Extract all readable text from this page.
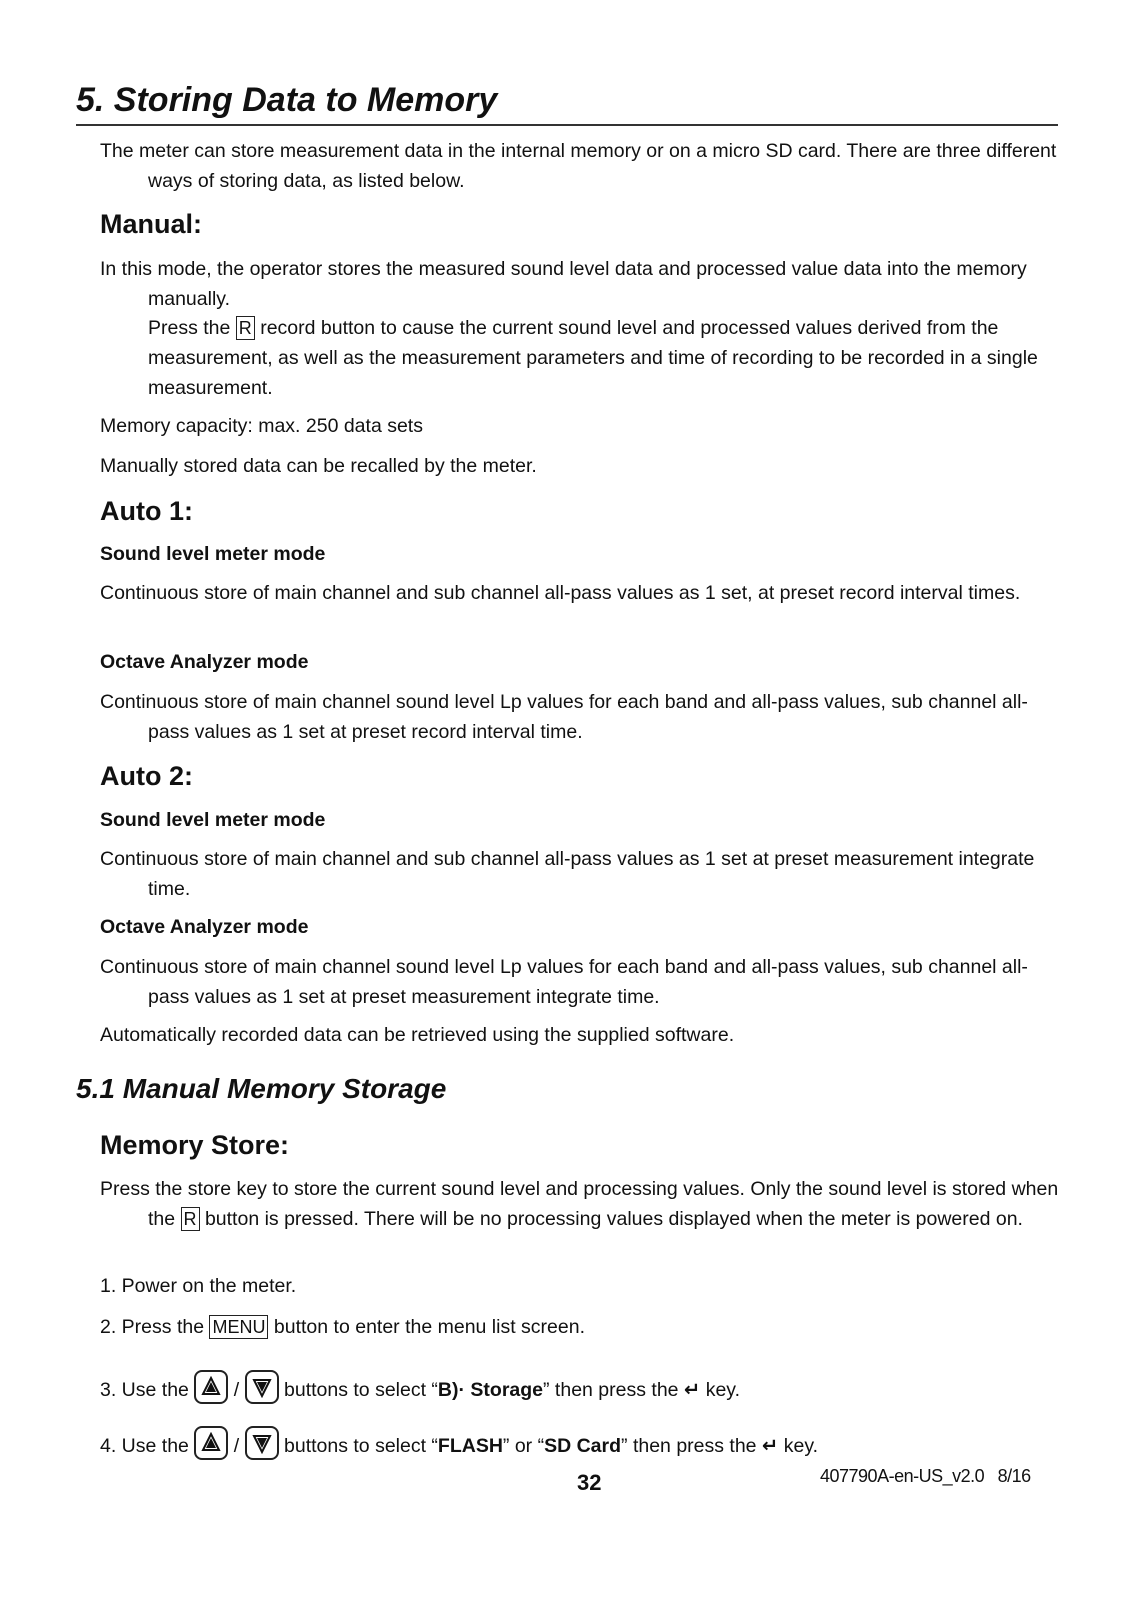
5. Storing Data to Memory
The meter can store measurement data in the internal memory or on a micro SD card. There are three different ways of storing data, as listed below.
Manual:
In this mode, the operator stores the measured sound level data and processed value data into the memory manually.
Press the R record button to cause the current sound level and processed values derived from the measurement, as well as the measurement parameters and time of recording to be recorded in a single measurement.
Memory capacity: max. 250 data sets
Manually stored data can be recalled by the meter.
Auto 1:
Sound level meter mode
Continuous store of main channel and sub channel all-pass values as 1 set, at preset record interval times.
Octave Analyzer mode
Continuous store of main channel sound level Lp values for each band and all-pass values, sub channel all-pass values as 1 set at preset record interval time.
Auto 2:
Sound level meter mode
Continuous store of main channel and sub channel all-pass values as 1 set at preset measurement integrate time.
Octave Analyzer mode
Continuous store of main channel sound level Lp values for each band and all-pass values, sub channel all-pass values as 1 set at preset measurement integrate time.
Automatically recorded data can be retrieved using the supplied software.
5.1 Manual Memory Storage
Memory Store:
Press the store key to store the current sound level and processing values. Only the sound level is stored when the R button is pressed. There will be no processing values displayed when the meter is powered on.
1. Power on the meter.
2. Press the MENU button to enter the menu list screen.
3. Use the / buttons to select “B)· Storage” then press the ↵ key.
4. Use the / buttons to select “FLASH” or “SD Card” then press the ↵ key.
32	407790A-en-US_v2.0   8/16
